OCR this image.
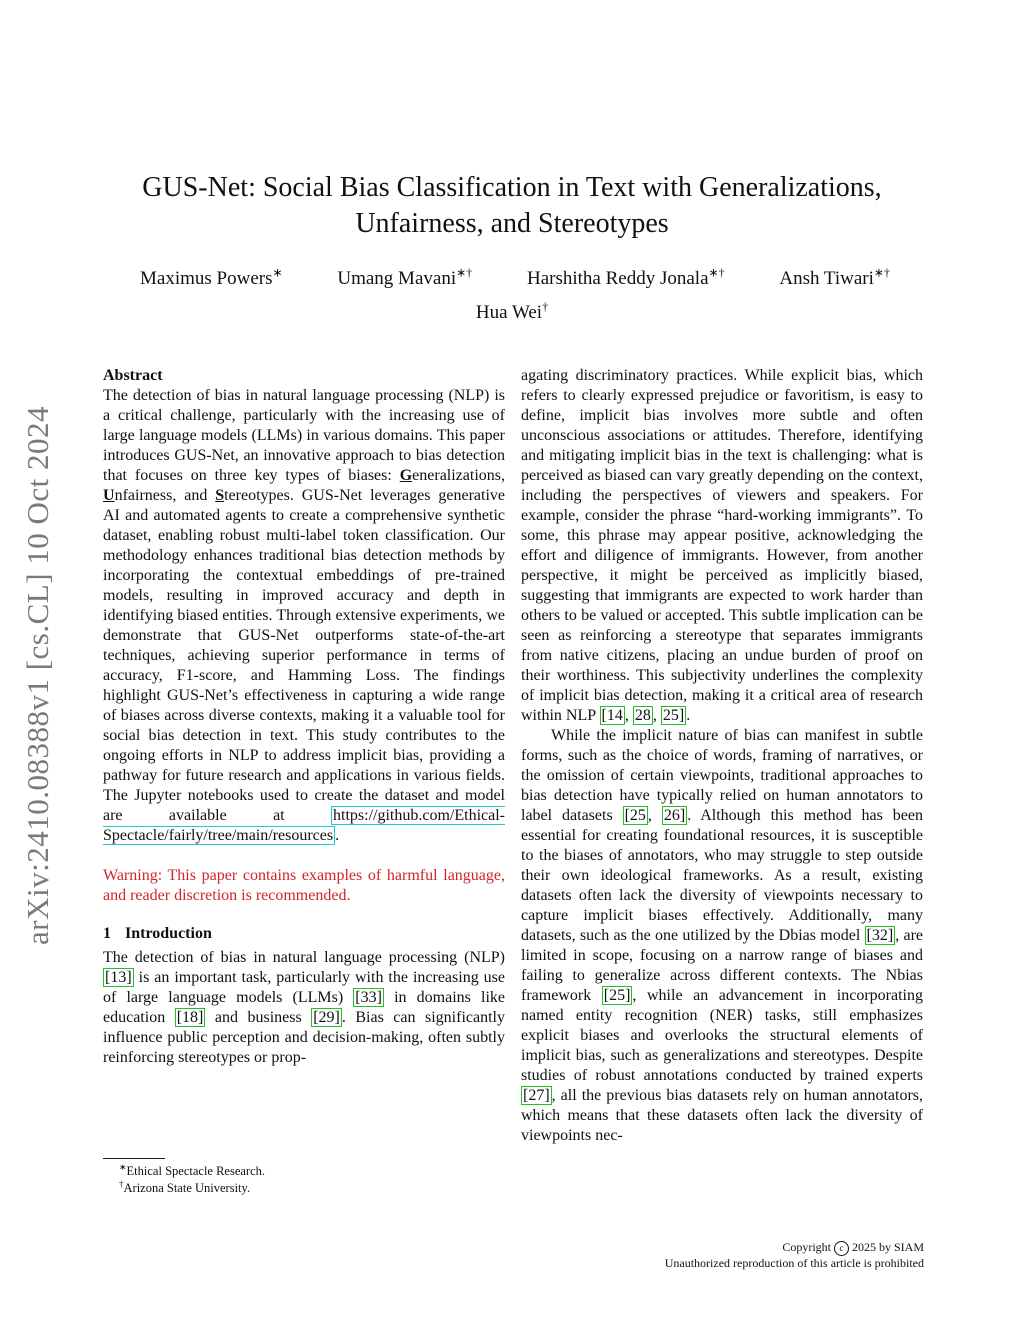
arXiv:2410.08388v1 [cs.CL] 10 Oct 2024
GUS-Net: Social Bias Classification in Text with Generalizations,
Unfairness, and Stereotypes
Maximus Powers∗	Umang Mavani∗†	Harshitha Reddy Jonala∗†	Ansh Tiwari∗†
Hua Wei†

Abstract

The detection of bias in natural language processing (NLP) is a critical challenge, particularly with the increasing use of large language models (LLMs) in various domains. This paper introduces GUS-Net, an innovative approach to bias detection that focuses on three key types of biases: Generalizations, Unfairness, and Stereotypes. GUS-Net leverages generative AI and automated agents to create a comprehensive synthetic dataset, enabling robust multi-label token classification. Our methodology enhances traditional bias detection methods by incorporating the contextual embeddings of pre-trained models, resulting in improved accuracy and depth in identifying biased entities. Through extensive experiments, we demonstrate that GUS-Net outperforms state-of-the-art techniques, achieving superior performance in terms of accuracy, F1-score, and Hamming Loss. The findings highlight GUS-Net’s effectiveness in capturing a wide range of biases across diverse contexts, making it a valuable tool for social bias detection in text. This study contributes to the ongoing efforts in NLP to address implicit bias, providing a pathway for future research and applications in various fields. The Jupyter notebooks used to create the dataset and model are available at https://github.com/Ethical-Spectacle/fairly/tree/main/resources .

Warning: This paper contains examples of harmful language, and reader discretion is recommended.

1 Introduction

The detection of bias in natural language processing (NLP) [13] is an important task, particularly with the increasing use of large language models (LLMs) [33] in domains like education [18] and business [29] . Bias can significantly influence public perception and decision-making, often subtly reinforcing stereotypes or prop-

∗Ethical Spectacle Research.
†Arizona State University.

agating discriminatory practices. While explicit bias, which refers to clearly expressed prejudice or favoritism, is easy to define, implicit bias involves more subtle and often unconscious associations or attitudes. Therefore, identifying and mitigating implicit bias in the text is challenging: what is perceived as biased can vary greatly depending on the context, including the perspectives of viewers and speakers. For example, consider the phrase “hard-working immigrants”. To some, this phrase may appear positive, acknowledging the effort and diligence of immigrants. However, from another perspective, it might be perceived as implicitly biased, suggesting that immigrants are expected to work harder than others to be valued or accepted. This subtle implication can be seen as reinforcing a stereotype that separates immigrants from native citizens, placing an undue burden of proof on their worthiness. This subjectivity underlines the complexity of implicit bias detection, making it a critical area of research within NLP [14 , 28 , 25] .

While the implicit nature of bias can manifest in subtle forms, such as the choice of words, framing of narratives, or the omission of certain viewpoints, traditional approaches to bias detection have typically relied on human annotators to label datasets [25 , 26] . Although this method has been essential for creating foundational resources, it is susceptible to the biases of annotators, who may struggle to step outside their own ideological frameworks. As a result, existing datasets often lack the diversity of viewpoints necessary to capture implicit biases effectively. Additionally, many datasets, such as the one utilized by the Dbias model [32] , are limited in scope, focusing on a narrow range of biases and failing to generalize across different contexts. The Nbias framework [25] , while an advancement in incorporating named entity recognition (NER) tasks, still emphasizes explicit biases and overlooks the structural elements of implicit bias, such as generalizations and stereotypes. Despite studies of robust annotations conducted by trained experts [27] , all the previous bias datasets rely on human annotators, which means that these datasets often lack the diversity of viewpoints nec-

Copyright c 2025 by SIAM
Unauthorized reproduction of this article is prohibited
